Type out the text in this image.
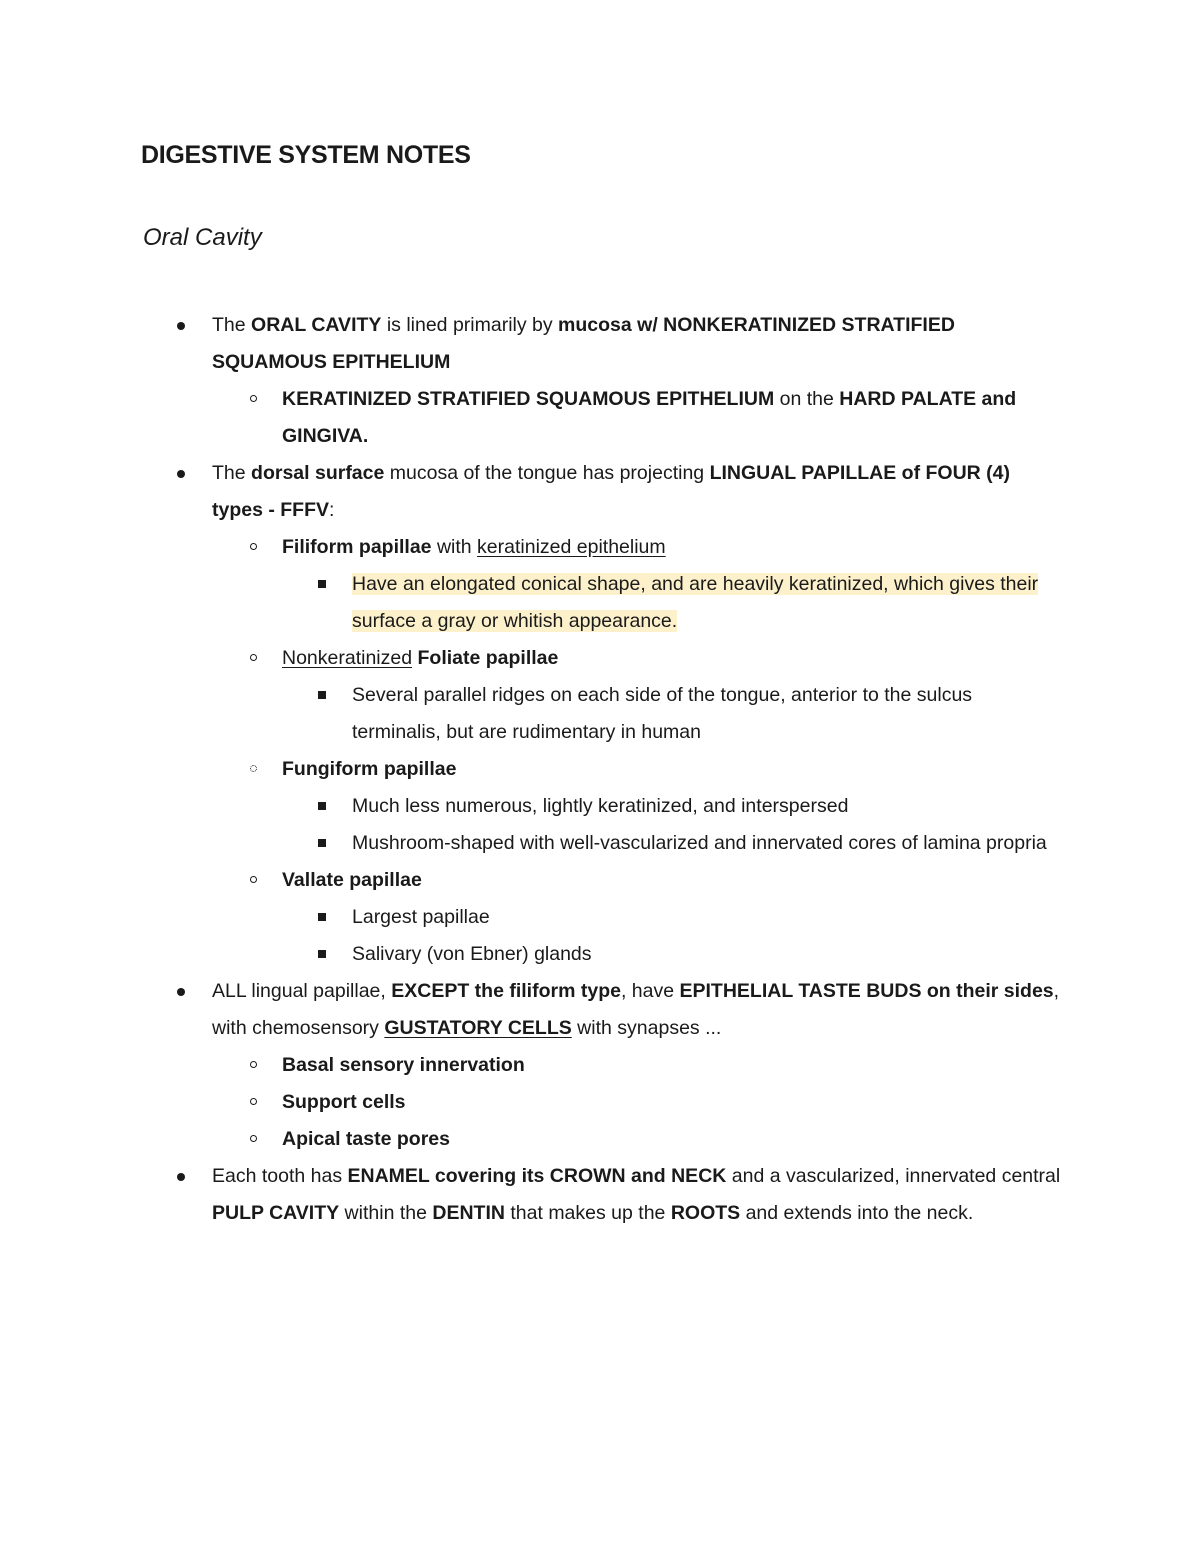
DIGESTIVE SYSTEM NOTES
Oral Cavity
The ORAL CAVITY is lined primarily by mucosa w/ NONKERATINIZED STRATIFIED SQUAMOUS EPITHELIUM
KERATINIZED STRATIFIED SQUAMOUS EPITHELIUM on the HARD PALATE and GINGIVA.
The dorsal surface mucosa of the tongue has projecting LINGUAL PAPILLAE of FOUR (4) types - FFFV:
Filiform papillae with keratinized epithelium
Have an elongated conical shape, and are heavily keratinized, which gives their surface a gray or whitish appearance.
Nonkeratinized Foliate papillae
Several parallel ridges on each side of the tongue, anterior to the sulcus terminalis, but are rudimentary in human
Fungiform papillae
Much less numerous, lightly keratinized, and interspersed
Mushroom-shaped with well-vascularized and innervated cores of lamina propria
Vallate papillae
Largest papillae
Salivary (von Ebner) glands
ALL lingual papillae, EXCEPT the filiform type, have EPITHELIAL TASTE BUDS on their sides, with chemosensory GUSTATORY CELLS with synapses ...
Basal sensory innervation
Support cells
Apical taste pores
Each tooth has ENAMEL covering its CROWN and NECK and a vascularized, innervated central PULP CAVITY within the DENTIN that makes up the ROOTS and extends into the neck.
